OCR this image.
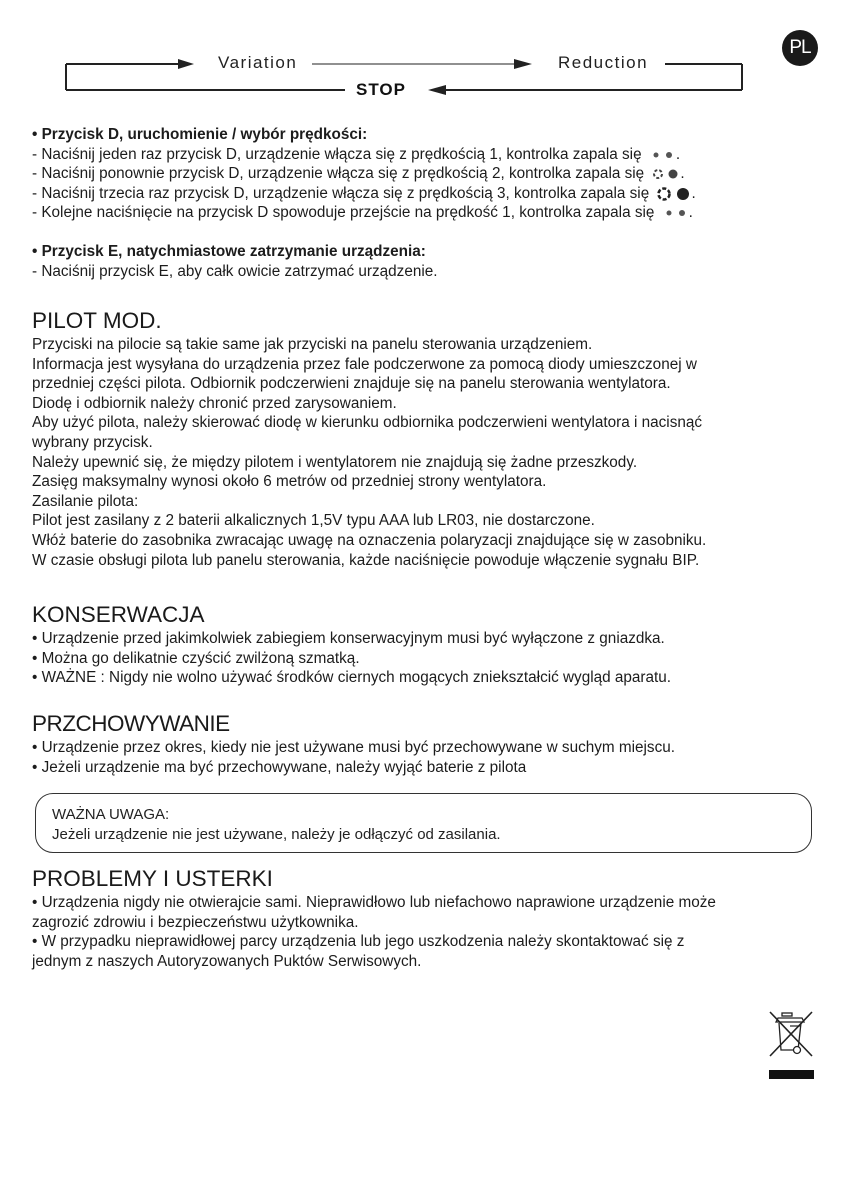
PL
Variation	Reduction
STOP

• Przycisk D, uruchomienie / wybór prędkości:

- Naciśnij jeden raz przycisk D, urządzenie włącza się z prędkością 1, kontrolka zapala się .

- Naciśnij ponownie przycisk D, urządzenie włącza się z prędkością 2, kontrolka zapala się .

- Naciśnij trzecia raz przycisk D, urządzenie włącza się z prędkością 3, kontrolka zapala się	.

- Kolejne naciśnięcie na przycisk D spowoduje przejście na prędkość 1, kontrolka zapala się .

• Przycisk E, natychmiastowe zatrzymanie urządzenia:

- Naciśnij przycisk E, aby całk owicie zatrzymać urządzenie.

PILOT MOD.

Przyciski na pilocie są takie same jak przyciski na panelu sterowania urządzeniem.

Informacja jest wysyłana do urządzenia przez fale podczerwone za pomocą diody umieszczonej w

przedniej części pilota. Odbiornik podczerwieni znajduje się na panelu sterowania wentylatora.

Diodę i odbiornik należy chronić przed zarysowaniem.

Aby użyć pilota, należy skierować diodę w kierunku odbiornika podczerwieni wentylatora i nacisnąć

wybrany przycisk.

Należy upewnić się, że między pilotem i wentylatorem nie znajdują się żadne przeszkody.

Zasięg maksymalny wynosi około 6 metrów od przedniej strony wentylatora.

Zasilanie pilota:

Pilot jest zasilany z 2 baterii alkalicznych 1,5V typu AAA lub LR03, nie dostarczone.

Włóż baterie do zasobnika zwracając uwagę na oznaczenia polaryzacji znajdujące się w zasobniku.

W czasie obsługi pilota lub panelu sterowania, każde naciśnięcie powoduje włączenie sygnału BIP.

KONSERWACJA

• Urządzenie przed jakimkolwiek zabiegiem konserwacyjnym musi być wyłączone z gniazdka.

• Można go delikatnie czyścić zwilżoną szmatką.

• WAŻNE : Nigdy nie wolno używać środków ciernych mogących zniekształcić wygląd aparatu.

PRZCHOWYWANIE

• Urządzenie przez okres, kiedy nie jest używane musi być przechowywane w suchym miejscu.

• Jeżeli urządzenie ma być przechowywane, należy wyjąć baterie z pilota

WAŻNA UWAGA:
Jeżeli urządzenie nie jest używane, należy je odłączyć od zasilania.
PROBLEMY I USTERKI

• Urządzenia nigdy nie otwierajcie sami. Nieprawidłowo lub niefachowo naprawione urządzenie może

zagrozić zdrowiu i bezpieczeństwu użytkownika.

• W przypadku nieprawidłowej parcy urządzenia lub jego uszkodzenia należy skontaktować się z

jednym z naszych Autoryzowanych Puktów Serwisowych.
